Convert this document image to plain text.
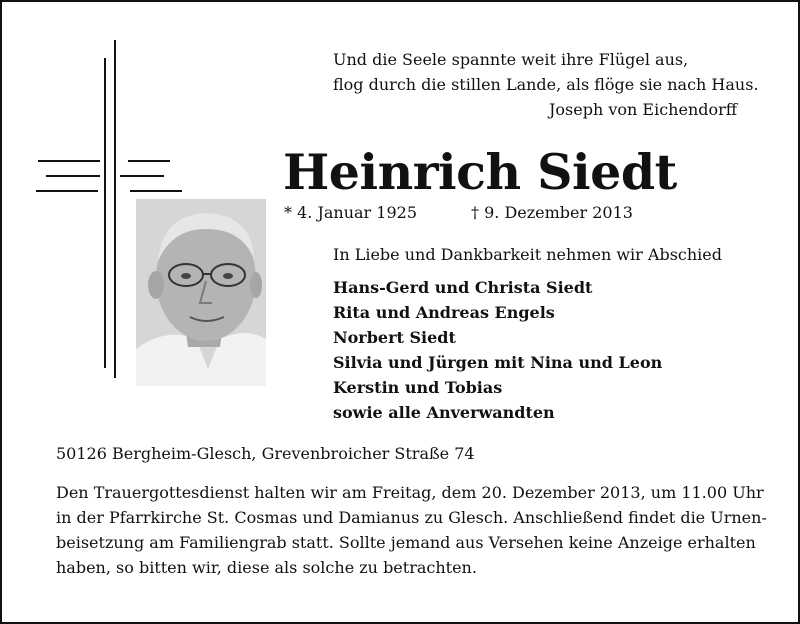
Und die Seele spannte weit ihre Flügel aus,
flog durch die stillen Lande, als flöge sie nach Haus.
Joseph von Eichendorff
Heinrich Siedt
* 4. Januar 1925	† 9. Dezember 2013
In Liebe und Dankbarkeit nehmen wir Abschied
Hans-Gerd und Christa Siedt
Rita und Andreas Engels
Norbert Siedt
Silvia und Jürgen mit Nina und Leon
Kerstin und Tobias
sowie alle Anverwandten
50126 Bergheim-Glesch, Grevenbroicher Straße 74
Den Trauergottesdienst halten wir am Freitag, dem 20. Dezember 2013, um 11.00 Uhr
in der Pfarrkirche St. Cosmas und Damianus zu Glesch. Anschließend findet die Urnen-
beisetzung am Familiengrab statt. Sollte jemand aus Versehen keine Anzeige erhalten
haben, so bitten wir, diese als solche zu betrachten.
